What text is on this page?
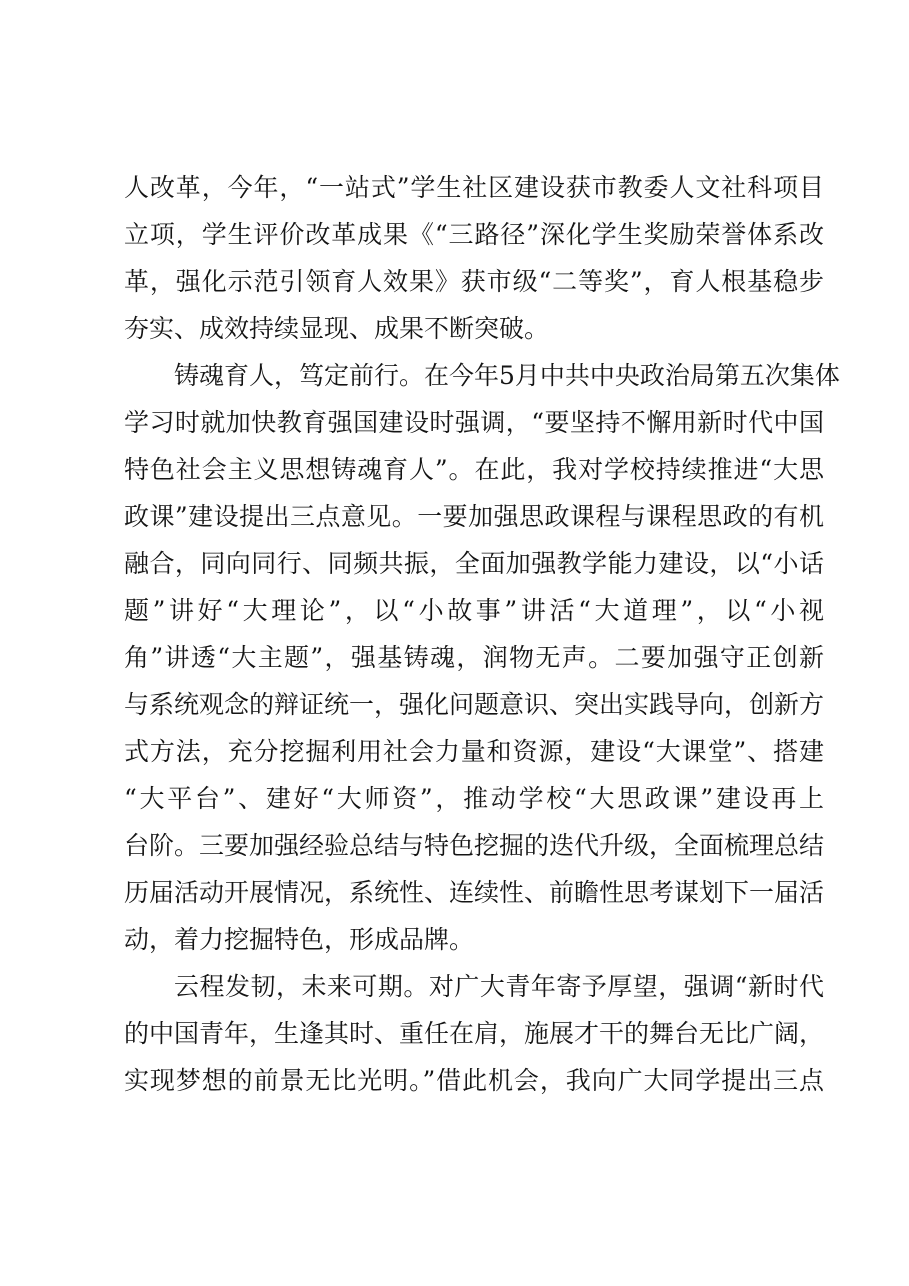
人改革，今年，“一站式”学生社区建设获市教委人文社科项目
立项，学生评价改革成果《“三路径”深化学生奖励荣誉体系改
革，强化示范引领育人效果》获市级“二等奖”，育人根基稳步
夯实、成效持续显现、成果不断突破。
铸魂育人，笃定前行。在今年5月中共中央政治局第五次集体
学习时就加快教育强国建设时强调，“要坚持不懈用新时代中国
特色社会主义思想铸魂育人”。在此，我对学校持续推进“大思
政课”建设提出三点意见。一要加强思政课程与课程思政的有机
融合，同向同行、同频共振，全面加强教学能力建设，以“小话
题”讲好“大理论”，以“小故事”讲活“大道理”，以“小视
角”讲透“大主题”，强基铸魂，润物无声。二要加强守正创新
与系统观念的辩证统一，强化问题意识、突出实践导向，创新方
式方法，充分挖掘利用社会力量和资源，建设“大课堂”、搭建
“大平台”、建好“大师资”，推动学校“大思政课”建设再上
台阶。三要加强经验总结与特色挖掘的迭代升级，全面梳理总结
历届活动开展情况，系统性、连续性、前瞻性思考谋划下一届活
动，着力挖掘特色，形成品牌。
云程发韧，未来可期。对广大青年寄予厚望，强调“新时代
的中国青年，生逢其时、重任在肩，施展才干的舞台无比广阔，
实现梦想的前景无比光明。”借此机会，我向广大同学提出三点
